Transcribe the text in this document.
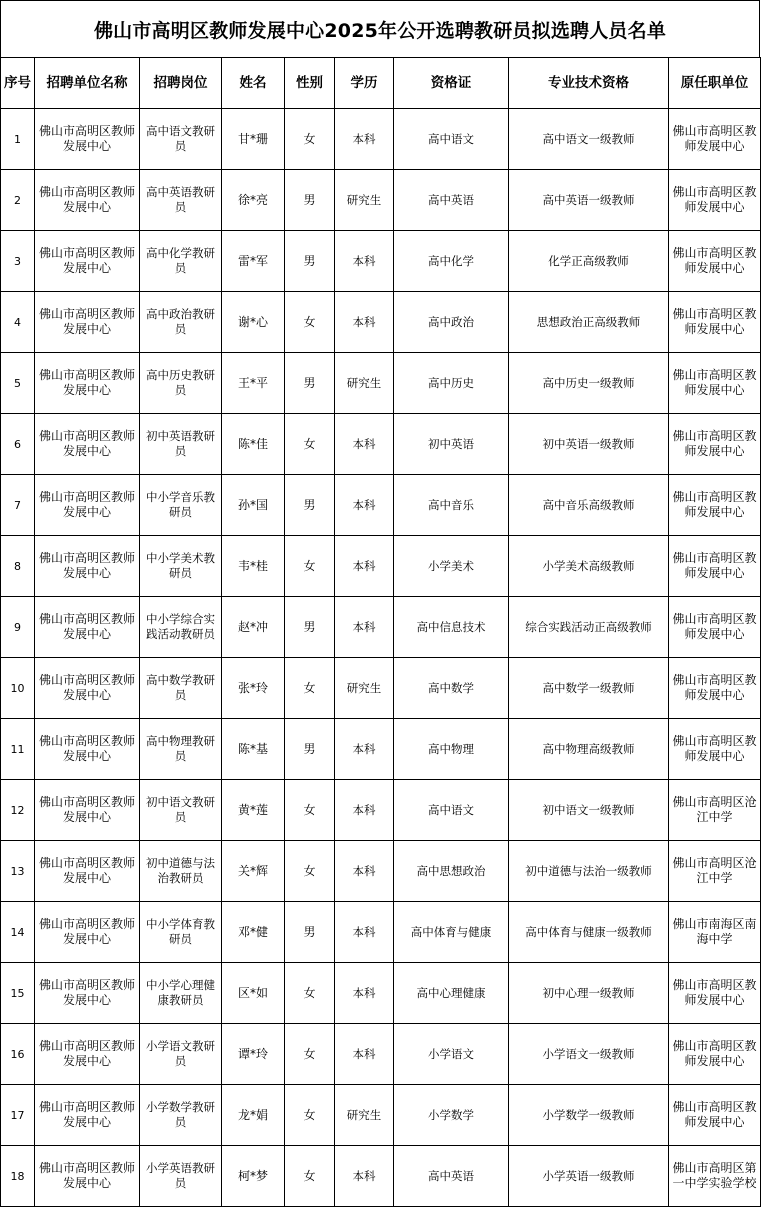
佛山市高明区教师发展中心2025年公开选聘教研员拟选聘人员名单
序号	招聘单位名称	招聘岗位	姓名	性别	学历	资格证	专业技术资格	原任职单位
1	佛山市高明区教师发展中心	高中语文教研员	甘*珊	女	本科	高中语文	高中语文一级教师	佛山市高明区教师发展中心
2	佛山市高明区教师发展中心	高中英语教研员	徐*亮	男	研究生	高中英语	高中英语一级教师	佛山市高明区教师发展中心
3	佛山市高明区教师发展中心	高中化学教研员	雷*军	男	本科	高中化学	化学正高级教师	佛山市高明区教师发展中心
4	佛山市高明区教师发展中心	高中政治教研员	谢*心	女	本科	高中政治	思想政治正高级教师	佛山市高明区教师发展中心
5	佛山市高明区教师发展中心	高中历史教研员	王*平	男	研究生	高中历史	高中历史一级教师	佛山市高明区教师发展中心
6	佛山市高明区教师发展中心	初中英语教研员	陈*佳	女	本科	初中英语	初中英语一级教师	佛山市高明区教师发展中心
7	佛山市高明区教师发展中心	中小学音乐教研员	孙*国	男	本科	高中音乐	高中音乐高级教师	佛山市高明区教师发展中心
8	佛山市高明区教师发展中心	中小学美术教研员	韦*桂	女	本科	小学美术	小学美术高级教师	佛山市高明区教师发展中心
9	佛山市高明区教师发展中心	中小学综合实践活动教研员	赵*冲	男	本科	高中信息技术	综合实践活动正高级教师	佛山市高明区教师发展中心
10	佛山市高明区教师发展中心	高中数学教研员	张*玲	女	研究生	高中数学	高中数学一级教师	佛山市高明区教师发展中心
11	佛山市高明区教师发展中心	高中物理教研员	陈*基	男	本科	高中物理	高中物理高级教师	佛山市高明区教师发展中心
12	佛山市高明区教师发展中心	初中语文教研员	黄*莲	女	本科	高中语文	初中语文一级教师	佛山市高明区沧江中学
13	佛山市高明区教师发展中心	初中道德与法治教研员	关*辉	女	本科	高中思想政治	初中道德与法治一级教师	佛山市高明区沧江中学
14	佛山市高明区教师发展中心	中小学体育教研员	邓*健	男	本科	高中体育与健康	高中体育与健康一级教师	佛山市南海区南海中学
15	佛山市高明区教师发展中心	中小学心理健康教研员	区*如	女	本科	高中心理健康	初中心理一级教师	佛山市高明区教师发展中心
16	佛山市高明区教师发展中心	小学语文教研员	谭*玲	女	本科	小学语文	小学语文一级教师	佛山市高明区教师发展中心
17	佛山市高明区教师发展中心	小学数学教研员	龙*娟	女	研究生	小学数学	小学数学一级教师	佛山市高明区教师发展中心
18	佛山市高明区教师发展中心	小学英语教研员	柯*梦	女	本科	高中英语	小学英语一级教师	佛山市高明区第一中学实验学校
